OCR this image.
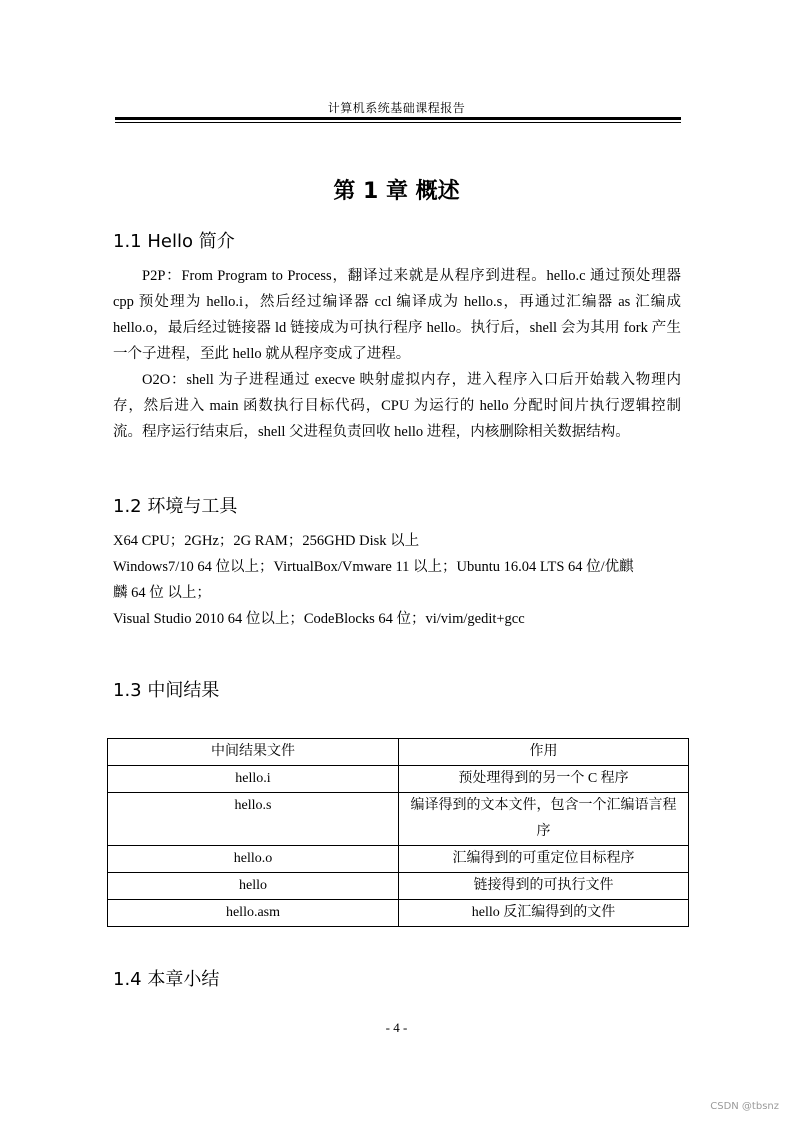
计算机系统基础课程报告
第 1 章 概述
1.1 Hello 简介
P2P：From Program to Process，翻译过来就是从程序到进程。hello.c 通过预处理器 cpp 预处理为 hello.i，然后经过编译器 ccl 编译成为 hello.s，再通过汇编器 as 汇编成 hello.o，最后经过链接器 ld 链接成为可执行程序 hello。执行后，shell 会为其用 fork 产生一个子进程，至此 hello 就从程序变成了进程。
O2O：shell 为子进程通过 execve 映射虚拟内存，进入程序入口后开始载入物理内存，然后进入 main 函数执行目标代码，CPU 为运行的 hello 分配时间片执行逻辑控制流。程序运行结束后，shell 父进程负责回收 hello 进程，内核删除相关数据结构。
1.2 环境与工具
X64 CPU；2GHz；2G RAM；256GHD Disk 以上
Windows7/10 64 位以上；VirtualBox/Vmware 11 以上；Ubuntu 16.04 LTS 64 位/优麒
麟 64 位 以上；
Visual Studio 2010 64 位以上；CodeBlocks 64 位；vi/vim/gedit+gcc
1.3 中间结果
中间结果文件	作用
hello.i	预处理得到的另一个 C 程序
hello.s	编译得到的文本文件，包含一个汇编语言程序
hello.o	汇编得到的可重定位目标程序
hello	链接得到的可执行文件
hello.asm	hello 反汇编得到的文件
1.4 本章小结
- 4 -
CSDN @tbsnz
